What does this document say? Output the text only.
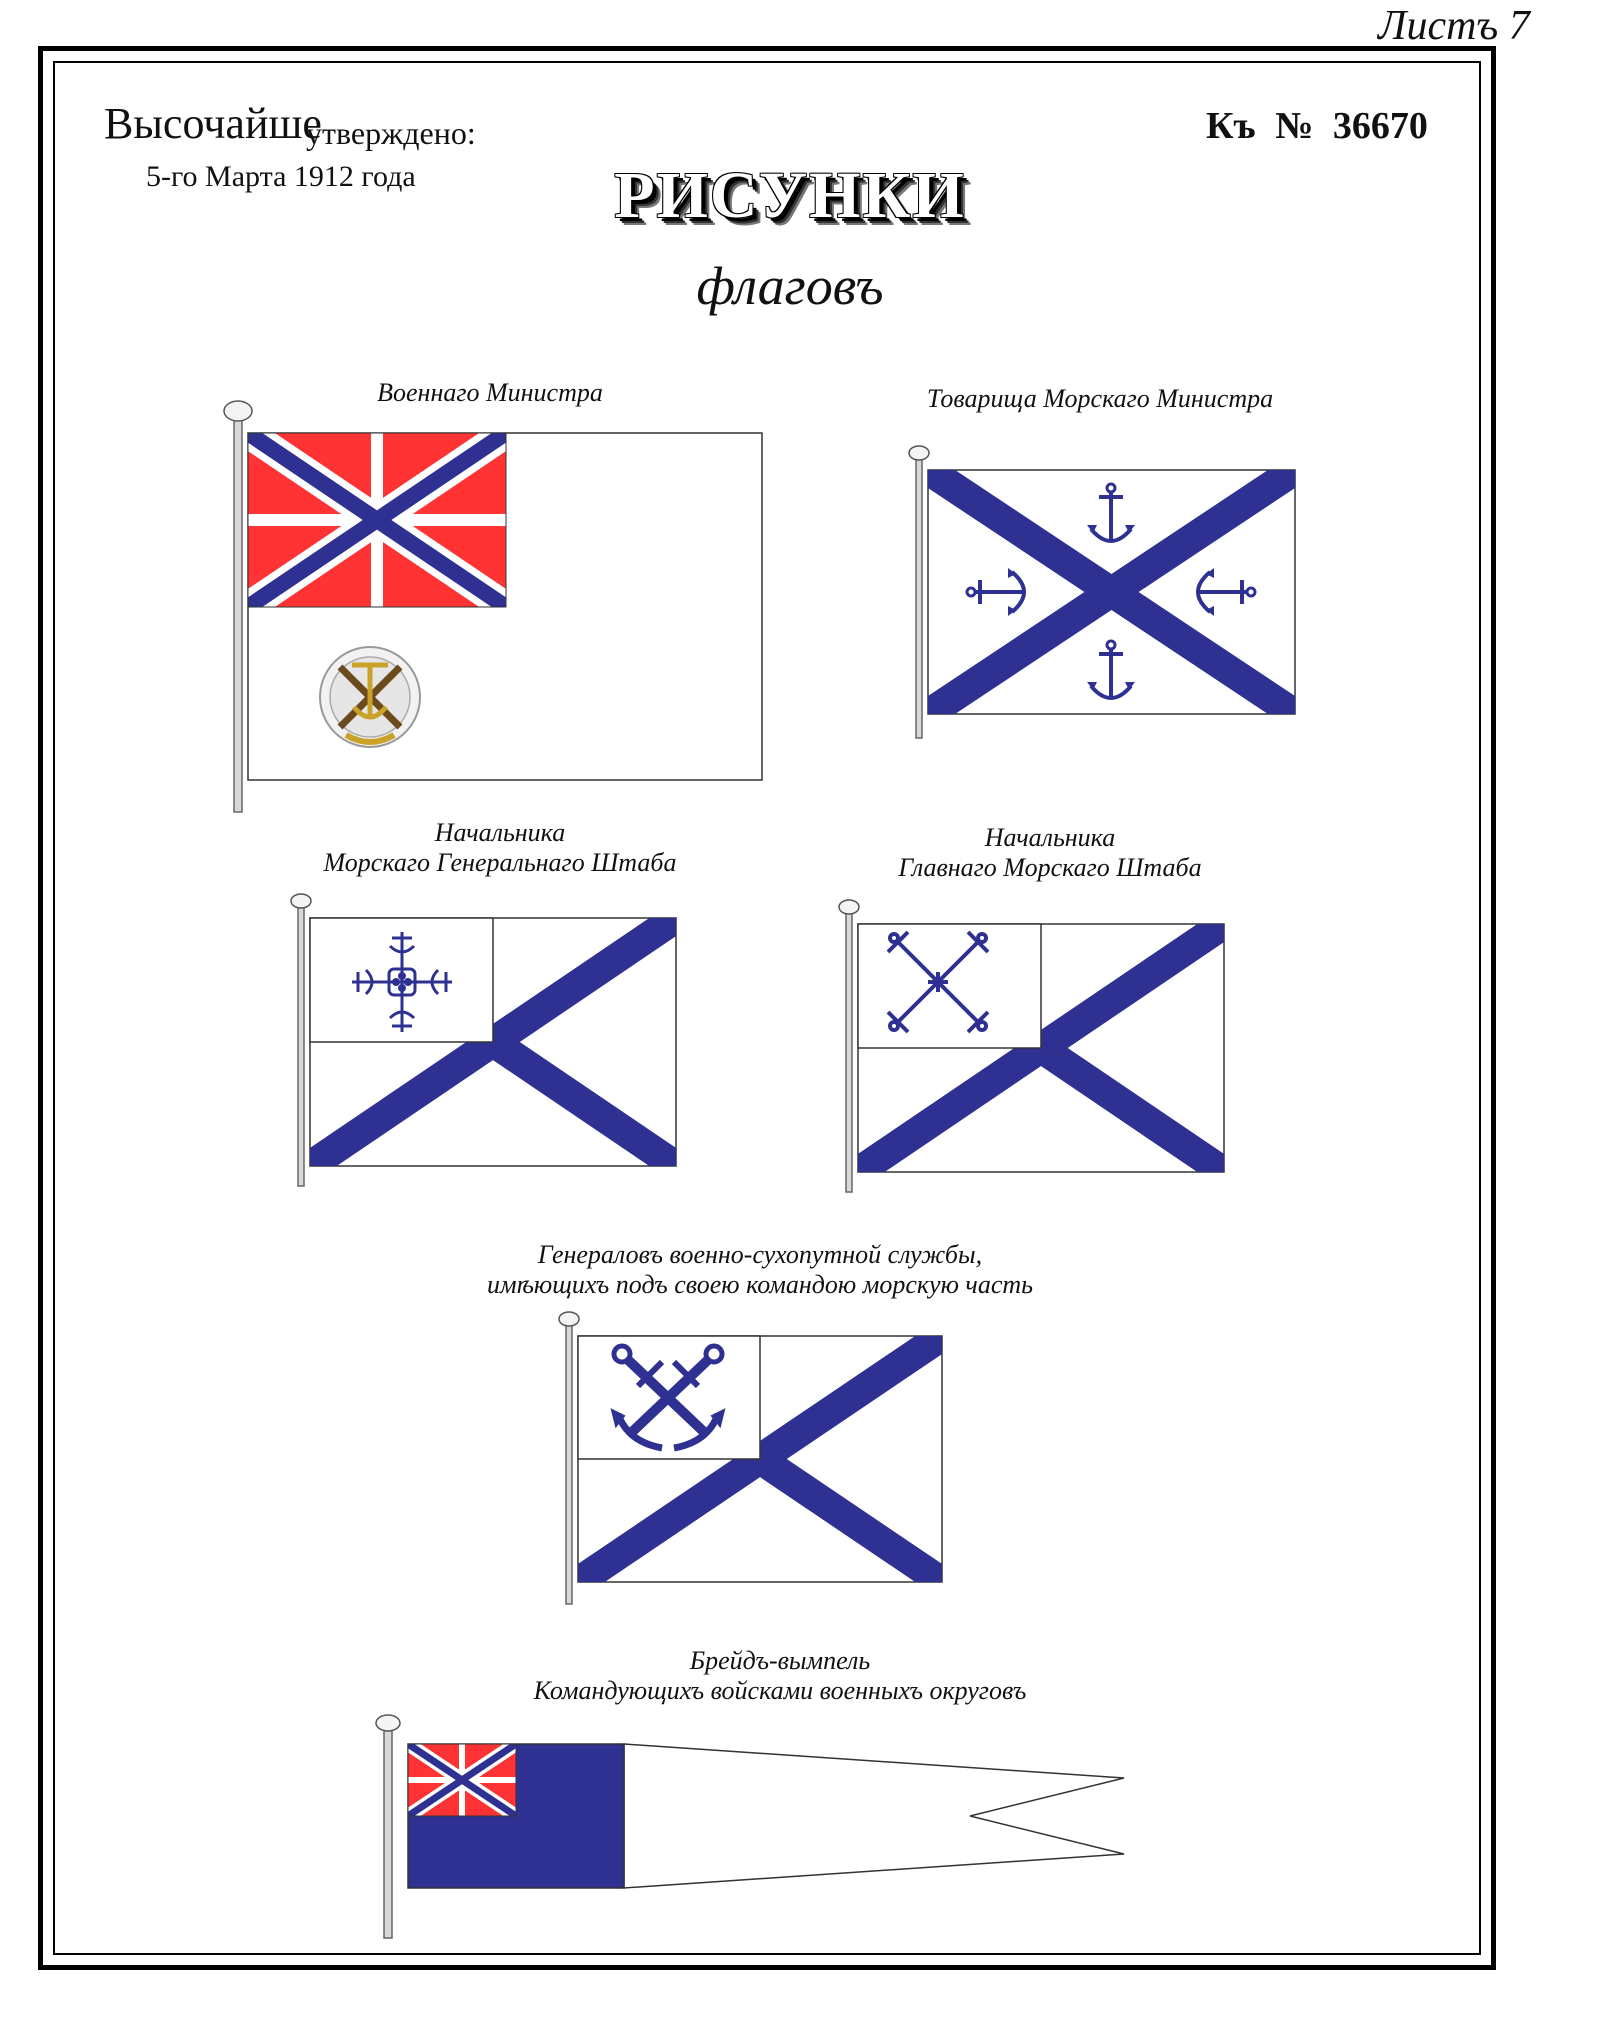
Листъ 7
Высочайше
утверждено:
5-го Марта 1912 года
Къ № 36670
РИСУНКИ
флаговъ
Военнаго Министра	Товарища Морскаго Министра
Начальника
Морскаго Генеральнаго Штаба
Начальника
Главнаго Морскаго Штаба
Генераловъ военно-сухопутной службы,
имѣющихъ подъ своею командою морскую часть
Брейдъ-вымпель
Командующихъ войсками военныхъ округовъ
